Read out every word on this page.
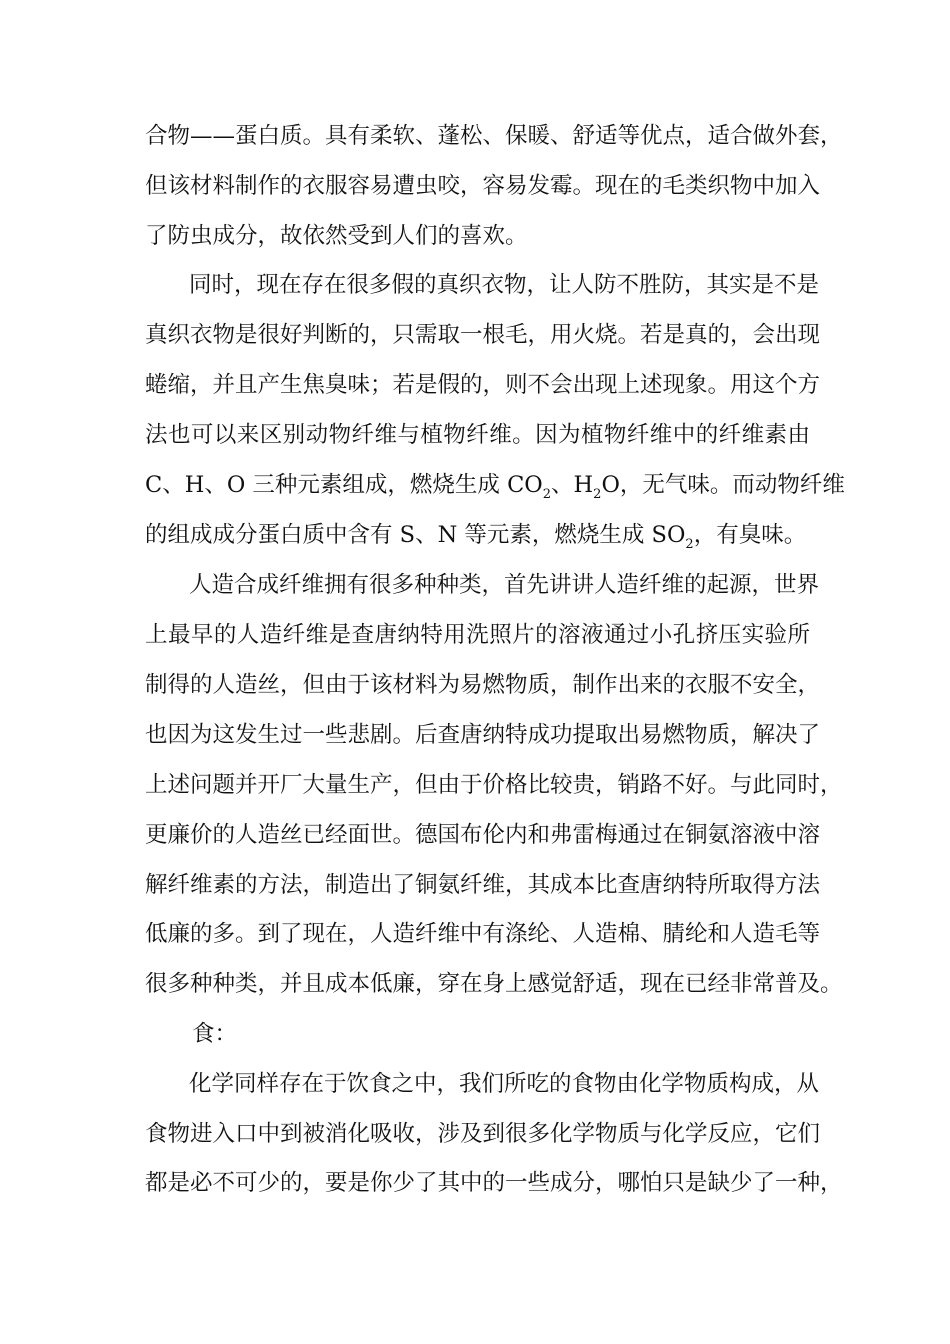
合物——蛋白质。具有柔软、蓬松、保暖、舒适等优点，适合做外套，
但该材料制作的衣服容易遭虫咬，容易发霉。现在的毛类织物中加入
了防虫成分，故依然受到人们的喜欢。
同时，现在存在很多假的真织衣物，让人防不胜防，其实是不是
真织衣物是很好判断的，只需取一根毛，用火烧。若是真的，会出现
蜷缩，并且产生焦臭味；若是假的，则不会出现上述现象。用这个方
法也可以来区别动物纤维与植物纤维。因为植物纤维中的纤维素由
C、H、O 三种元素组成，燃烧生成 $CO_2$、$H_2O$，无气味。而动物纤维
的组成成分蛋白质中含有 S、N 等元素，燃烧生成 $SO_2$，有臭味。
人造合成纤维拥有很多种种类，首先讲讲人造纤维的起源，世界
上最早的人造纤维是查唐纳特用洗照片的溶液通过小孔挤压实验所
制得的人造丝，但由于该材料为易燃物质，制作出来的衣服不安全，
也因为这发生过一些悲剧。后查唐纳特成功提取出易燃物质，解决了
上述问题并开厂大量生产，但由于价格比较贵，销路不好。与此同时，
更廉价的人造丝已经面世。德国布伦内和弗雷梅通过在铜氨溶液中溶
解纤维素的方法，制造出了铜氨纤维，其成本比查唐纳特所取得方法
低廉的多。到了现在，人造纤维中有涤纶、人造棉、腈纶和人造毛等
很多种种类，并且成本低廉，穿在身上感觉舒适，现在已经非常普及。
化学同样存在于饮食之中，我们所吃的食物由化学物质构成，从
食物进入口中到被消化吸收，涉及到很多化学物质与化学反应，它们
都是必不可少的，要是你少了其中的一些成分，哪怕只是缺少了一种，
食：
